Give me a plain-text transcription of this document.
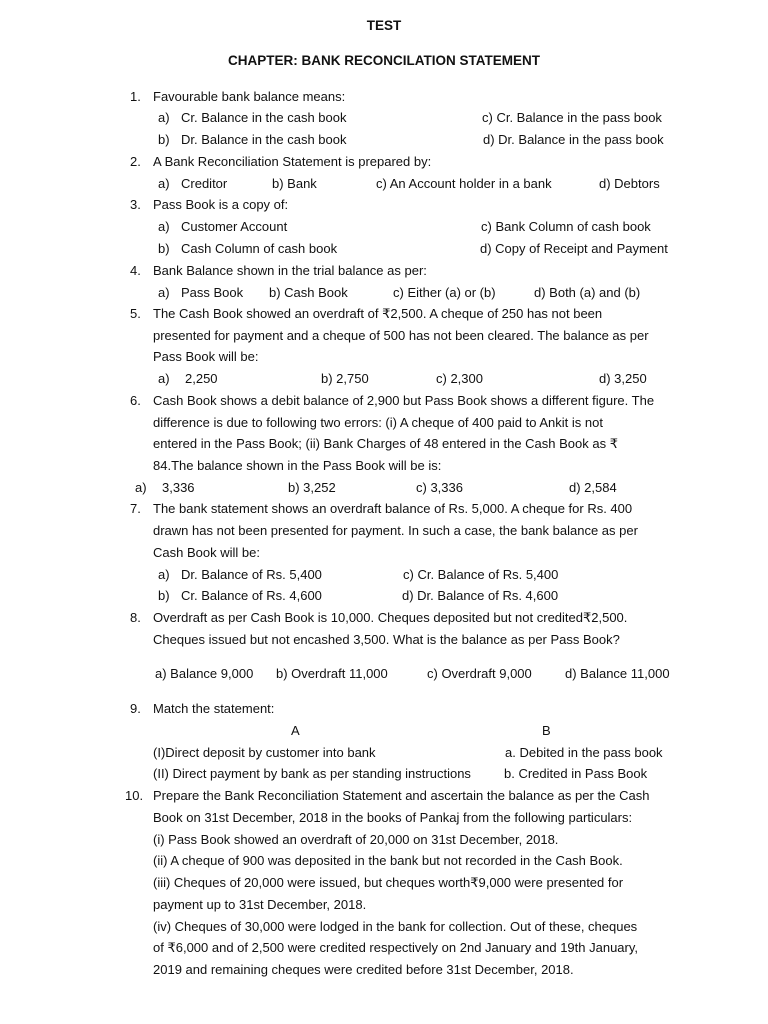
TEST
CHAPTER: BANK RECONCILATION STATEMENT
1. Favourable bank balance means:
a) Cr. Balance in the cash book
b) Dr. Balance in the cash book
c) Cr. Balance in the pass book
d) Dr. Balance in the pass book
2. A Bank Reconciliation Statement is prepared by:
a) Creditor	b) Bank	c) An Account holder in a bank	d) Debtors
3. Pass Book is a copy of:
a) Customer Account
b) Cash Column of cash book
c) Bank Column of cash book
d) Copy of Receipt and Payment
4. Bank Balance shown in the trial balance as per:
a) Pass Book b) Cash Book	c) Either (a) or (b)	d) Both (a) and (b)
5. The Cash Book showed an overdraft of ₹2,500. A cheque of 250 has not been
presented for payment and a cheque of 500 has not been cleared. The balance as per
Pass Book will be:
a) 2,250	b) 2,750	c) 2,300	d) 3,250
6. Cash Book shows a debit balance of 2,900 but Pass Book shows a different figure. The
difference is due to following two errors: (i) A cheque of 400 paid to Ankit is not
entered in the Pass Book; (ii) Bank Charges of 48 entered in the Cash Book as ₹
84.The balance shown in the Pass Book will be is:
a) 3,336	b) 3,252	c) 3,336	d) 2,584
7. The bank statement shows an overdraft balance of Rs. 5,000. A cheque for Rs. 400
drawn has not been presented for payment. In such a case, the bank balance as per
Cash Book will be:
a) Dr. Balance of Rs. 5,400
b) Cr. Balance of Rs. 4,600
c) Cr. Balance of Rs. 5,400
d) Dr. Balance of Rs. 4,600
8. Overdraft as per Cash Book is 10,000. Cheques deposited but not credited₹2,500.
Cheques issued but not encashed 3,500. What is the balance as per Pass Book?
a) Balance 9,000 b) Overdraft 11,000	c) Overdraft 9,000	d) Balance 11,000
9. Match the statement:
A	B
(I)Direct deposit by customer into bank	a. Debited in the pass book
(II) Direct payment by bank as per standing instructions	b. Credited in Pass Book
10. Prepare the Bank Reconciliation Statement and ascertain the balance as per the Cash
Book on 31st December, 2018 in the books of Pankaj from the following particulars:
(i) Pass Book showed an overdraft of 20,000 on 31st December, 2018.
(ii) A cheque of 900 was deposited in the bank but not recorded in the Cash Book.
(iii) Cheques of 20,000 were issued, but cheques worth₹9,000 were presented for
payment up to 31st December, 2018.
(iv) Cheques of 30,000 were lodged in the bank for collection. Out of these, cheques
of ₹6,000 and of 2,500 were credited respectively on 2nd January and 19th January,
2019 and remaining cheques were credited before 31st December, 2018.
